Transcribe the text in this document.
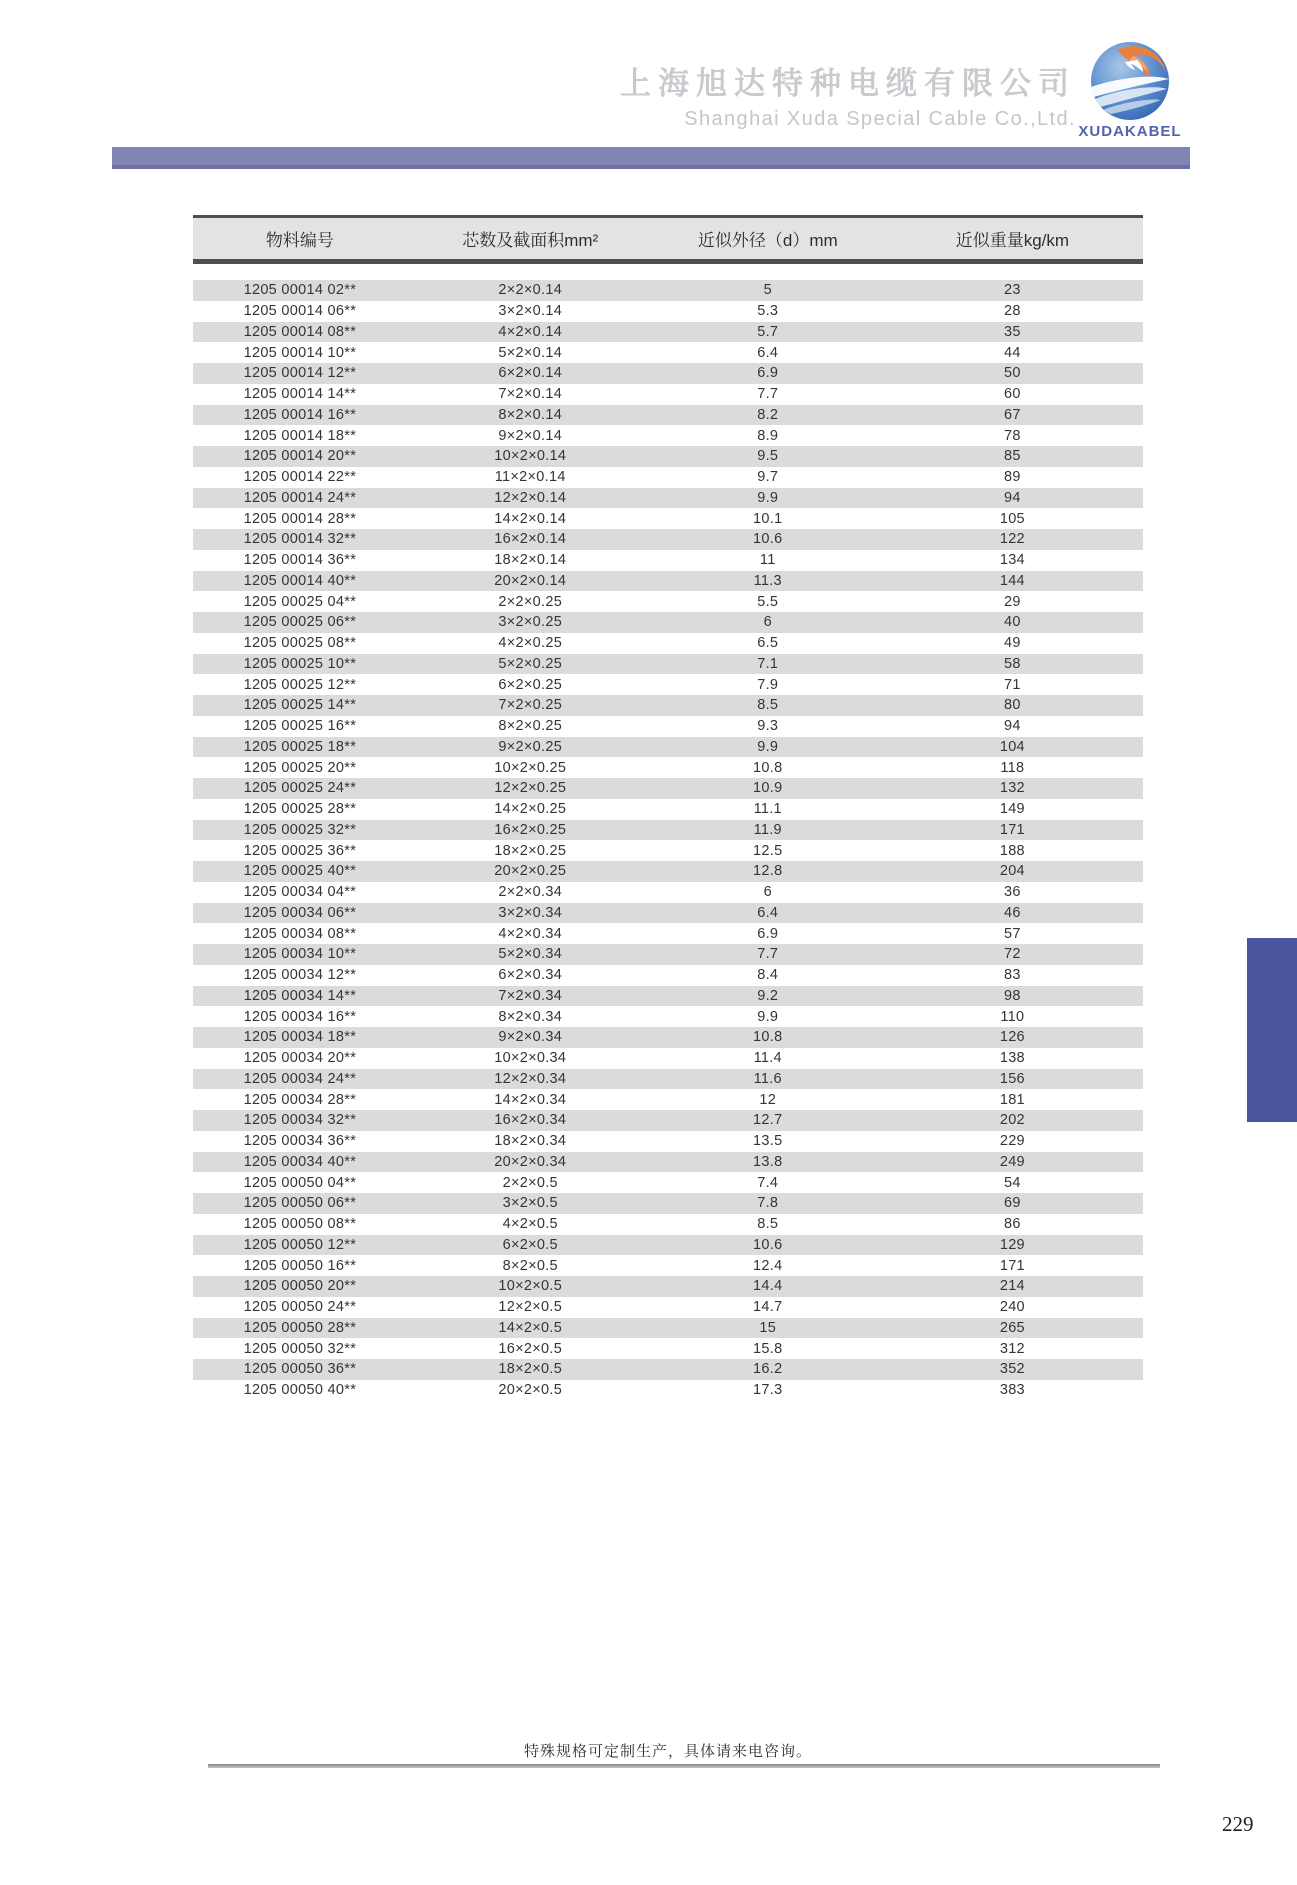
上海旭达特种电缆有限公司
Shanghai Xuda Special Cable Co.,Ltd.
XUDAKABEL
物料编号	芯数及截面积mm²	近似外径（d）mm	近似重量kg/km
1205 00014 02**	2×2×0.14	5	23
1205 00014 06**	3×2×0.14	5.3	28
1205 00014 08**	4×2×0.14	5.7	35
1205 00014 10**	5×2×0.14	6.4	44
1205 00014 12**	6×2×0.14	6.9	50
1205 00014 14**	7×2×0.14	7.7	60
1205 00014 16**	8×2×0.14	8.2	67
1205 00014 18**	9×2×0.14	8.9	78
1205 00014 20**	10×2×0.14	9.5	85
1205 00014 22**	11×2×0.14	9.7	89
1205 00014 24**	12×2×0.14	9.9	94
1205 00014 28**	14×2×0.14	10.1	105
1205 00014 32**	16×2×0.14	10.6	122
1205 00014 36**	18×2×0.14	11	134
1205 00014 40**	20×2×0.14	11.3	144
1205 00025 04**	2×2×0.25	5.5	29
1205 00025 06**	3×2×0.25	6	40
1205 00025 08**	4×2×0.25	6.5	49
1205 00025 10**	5×2×0.25	7.1	58
1205 00025 12**	6×2×0.25	7.9	71
1205 00025 14**	7×2×0.25	8.5	80
1205 00025 16**	8×2×0.25	9.3	94
1205 00025 18**	9×2×0.25	9.9	104
1205 00025 20**	10×2×0.25	10.8	118
1205 00025 24**	12×2×0.25	10.9	132
1205 00025 28**	14×2×0.25	11.1	149
1205 00025 32**	16×2×0.25	11.9	171
1205 00025 36**	18×2×0.25	12.5	188
1205 00025 40**	20×2×0.25	12.8	204
1205 00034 04**	2×2×0.34	6	36
1205 00034 06**	3×2×0.34	6.4	46
1205 00034 08**	4×2×0.34	6.9	57
1205 00034 10**	5×2×0.34	7.7	72
1205 00034 12**	6×2×0.34	8.4	83
1205 00034 14**	7×2×0.34	9.2	98
1205 00034 16**	8×2×0.34	9.9	110
1205 00034 18**	9×2×0.34	10.8	126
1205 00034 20**	10×2×0.34	11.4	138
1205 00034 24**	12×2×0.34	11.6	156
1205 00034 28**	14×2×0.34	12	181
1205 00034 32**	16×2×0.34	12.7	202
1205 00034 36**	18×2×0.34	13.5	229
1205 00034 40**	20×2×0.34	13.8	249
1205 00050 04**	2×2×0.5	7.4	54
1205 00050 06**	3×2×0.5	7.8	69
1205 00050 08**	4×2×0.5	8.5	86
1205 00050 12**	6×2×0.5	10.6	129
1205 00050 16**	8×2×0.5	12.4	171
1205 00050 20**	10×2×0.5	14.4	214
1205 00050 24**	12×2×0.5	14.7	240
1205 00050 28**	14×2×0.5	15	265
1205 00050 32**	16×2×0.5	15.8	312
1205 00050 36**	18×2×0.5	16.2	352
1205 00050 40**	20×2×0.5	17.3	383
特殊规格可定制生产，具体请来电咨询。
229
